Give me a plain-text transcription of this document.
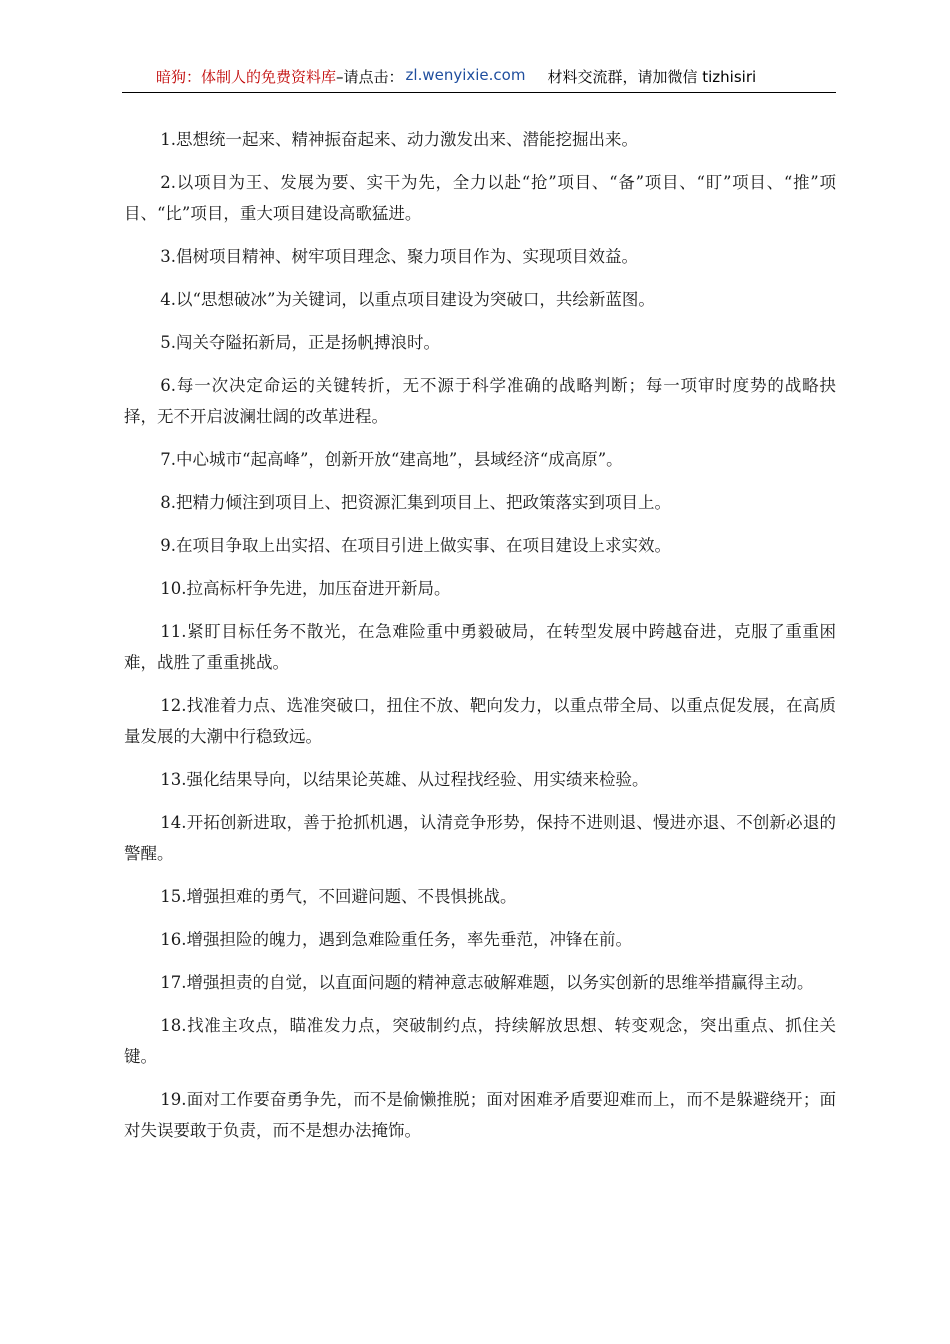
暗狗：体制人的免费资料库 –请点击： zl.wenyixie.com 材料交流群，请加微信 tizhisiri

1.思想统一起来、精神振奋起来、动力激发出来、潜能挖掘出来。

2.以项目为王、发展为要、实干为先，全力以赴“抢”项目、“备”项目、“盯”项目、“推”项目、“比”项目，重大项目建设高歌猛进。

3.倡树项目精神、树牢项目理念、聚力项目作为、实现项目效益。

4.以“思想破冰”为关键词，以重点项目建设为突破口，共绘新蓝图。

5.闯关夺隘拓新局，正是扬帆搏浪时。

6.每一次决定命运的关键转折，无不源于科学准确的战略判断；每一项审时度势的战略抉择，无不开启波澜壮阔的改革进程。

7.中心城市“起高峰”，创新开放“建高地”，县域经济“成高原”。

8.把精力倾注到项目上、把资源汇集到项目上、把政策落实到项目上。

9.在项目争取上出实招、在项目引进上做实事、在项目建设上求实效。

10.拉高标杆争先进，加压奋进开新局。

11.紧盯目标任务不散光，在急难险重中勇毅破局，在转型发展中跨越奋进，克服了重重困难，战胜了重重挑战。

12.找准着力点、选准突破口，扭住不放、靶向发力，以重点带全局、以重点促发展，在高质量发展的大潮中行稳致远。

13.强化结果导向，以结果论英雄、从过程找经验、用实绩来检验。

14.开拓创新进取，善于抢抓机遇，认清竞争形势，保持不进则退、慢进亦退、不创新必退的警醒。

15.增强担难的勇气，不回避问题、不畏惧挑战。

16.增强担险的魄力，遇到急难险重任务，率先垂范，冲锋在前。

17.增强担责的自觉，以直面问题的精神意志破解难题，以务实创新的思维举措赢得主动。

18.找准主攻点，瞄准发力点，突破制约点，持续解放思想、转变观念，突出重点、抓住关键。

19.面对工作要奋勇争先，而不是偷懒推脱；面对困难矛盾要迎难而上，而不是躲避绕开；面对失误要敢于负责，而不是想办法掩饰。
